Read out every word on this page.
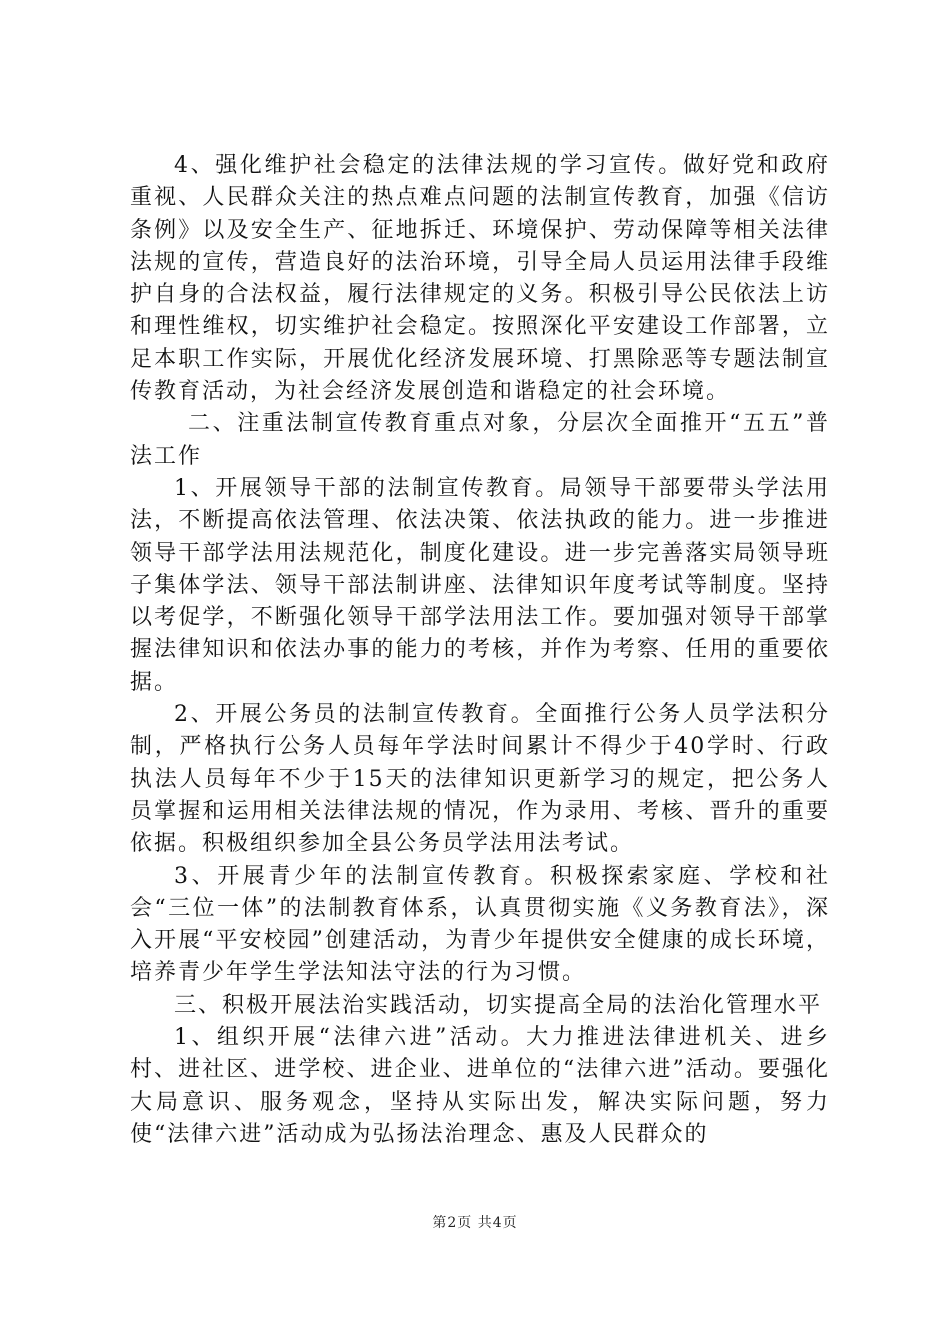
4、强化维护社会稳定的法律法规的学习宣传。做好党和政府重视、人民群众关注的热点难点问题的法制宣传教育，加强《信访条例》以及安全生产、征地拆迁、环境保护、劳动保障等相关法律法规的宣传，营造良好的法治环境，引导全局人员运用法律手段维护自身的合法权益，履行法律规定的义务。积极引导公民依法上访和理性维权，切实维护社会稳定。按照深化平安建设工作部署，立足本职工作实际，开展优化经济发展环境、打黑除恶等专题法制宣传教育活动，为社会经济发展创造和谐稳定的社会环境。

二、注重法制宣传教育重点对象，分层次全面推开“五五”普法工作

1、开展领导干部的法制宣传教育。局领导干部要带头学法用法，不断提高依法管理、依法决策、依法执政的能力。进一步推进领导干部学法用法规范化，制度化建设。进一步完善落实局领导班子集体学法、领导干部法制讲座、法律知识年度考试等制度。坚持以考促学，不断强化领导干部学法用法工作。要加强对领导干部掌握法律知识和依法办事的能力的考核，并作为考察、任用的重要依据。

2、开展公务员的法制宣传教育。全面推行公务人员学法积分制，严格执行公务人员每年学法时间累计不得少于40学时、行政执法人员每年不少于15天的法律知识更新学习的规定，把公务人员掌握和运用相关法律法规的情况，作为录用、考核、晋升的重要依据。积极组织参加全县公务员学法用法考试。

3、开展青少年的法制宣传教育。积极探索家庭、学校和社会“三位一体”的法制教育体系，认真贯彻实施《义务教育法》，深入开展“平安校园”创建活动，为青少年提供安全健康的成长环境，培养青少年学生学法知法守法的行为习惯。

三、积极开展法治实践活动，切实提高全局的法治化管理水平

1、组织开展“法律六进”活动。大力推进法律进机关、进乡村、进社区、进学校、进企业、进单位的“法律六进”活动。要强化大局意识、服务观念，坚持从实际出发，解决实际问题，努力使“法律六进”活动成为弘扬法治理念、惠及人民群众的

第2页 共4页
